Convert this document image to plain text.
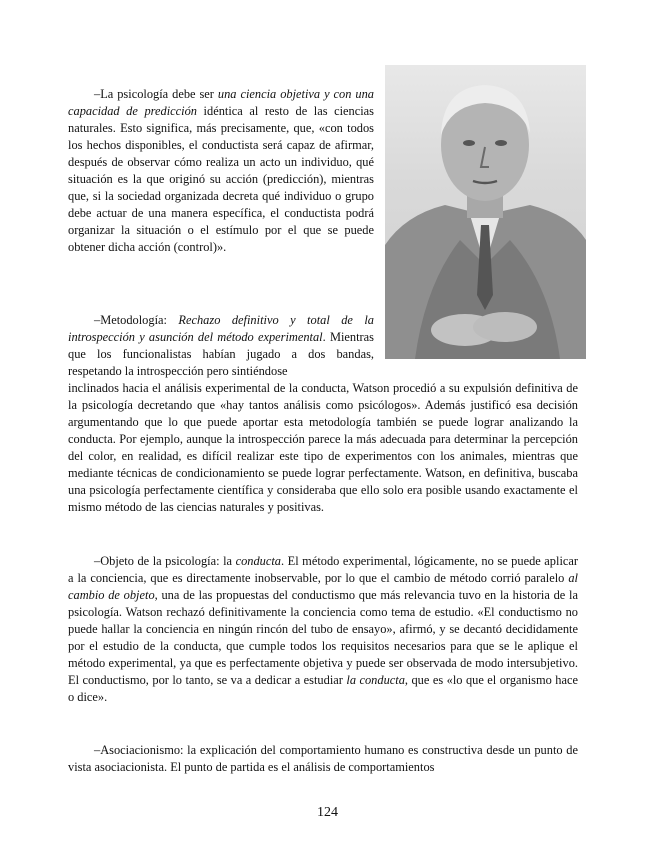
–La psicología debe ser una ciencia objetiva y con una capacidad de predicción idéntica al resto de las ciencias naturales. Esto significa, más precisamente, que, «con todos los hechos disponibles, el conductista será capaz de afirmar, después de observar cómo realiza un acto un individuo, qué situación es la que originó su acción (predicción), mientras que, si la sociedad organizada decreta qué individuo o grupo debe actuar de una manera específica, el conductista podrá organizar la situación o el estímulo por el que se puede obtener dicha acción (control)».

–Metodología: Rechazo definitivo y total de la introspección y asunción del método experimental. Mientras que los funcionalistas habían jugado a dos bandas, respetando la introspección pero sintiéndose

inclinados hacia el análisis experimental de la conducta, Watson procedió a su expulsión definitiva de la psicología decretando que «hay tantos análisis como psicólogos». Además justificó esa decisión argumentando que lo que puede aportar esta metodología también se puede lograr analizando la conducta. Por ejemplo, aunque la introspección parece la más adecuada para determinar la percepción del color, en realidad, es difícil realizar este tipo de experimentos con los animales, mientras que mediante técnicas de condicionamiento se puede lograr perfectamente. Watson, en definitiva, buscaba una psicología perfectamente científica y consideraba que ello solo era posible usando exactamente el mismo método de las ciencias naturales y positivas.

–Objeto de la psicología: la conducta. El método experimental, lógicamente, no se puede aplicar a la conciencia, que es directamente inobservable, por lo que el cambio de método corrió paralelo al cambio de objeto, una de las propuestas del conductismo que más relevancia tuvo en la historia de la psicología. Watson rechazó definitivamente la conciencia como tema de estudio. «El conductismo no puede hallar la conciencia en ningún rincón del tubo de ensayo», afirmó, y se decantó decididamente por el estudio de la conducta, que cumple todos los requisitos necesarios para que se le aplique el método experimental, ya que es perfectamente objetiva y puede ser observada de modo intersubjetivo. El conductismo, por lo tanto, se va a dedicar a estudiar la conducta, que es «lo que el organismo hace o dice».

–Asociacionismo: la explicación del comportamiento humano es constructiva desde un punto de vista asociacionista. El punto de partida es el análisis de comportamientos

124
